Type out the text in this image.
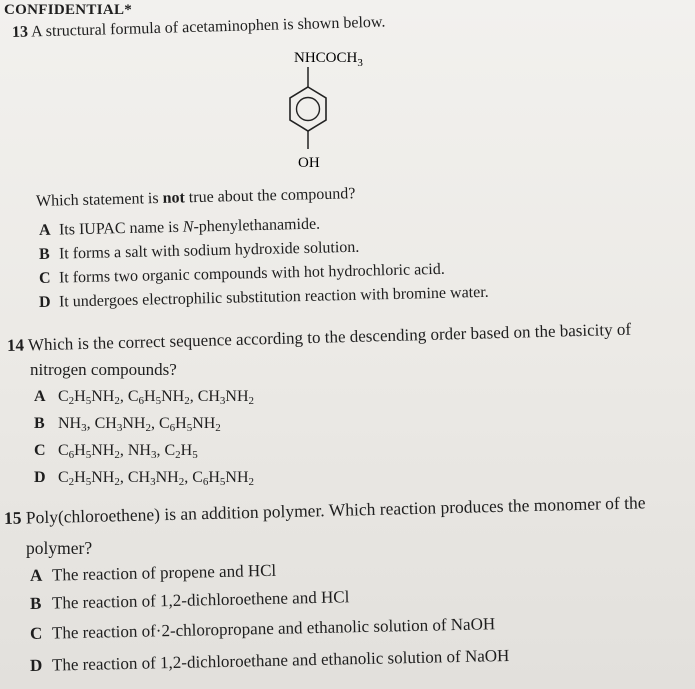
CONFIDENTIAL*
13 A structural formula of acetaminophen is shown below.
$NHCOCH_3$
OH
Which statement is not true about the compound?
A Its IUPAC name is N-phenylethanamide.
B It forms a salt with sodium hydroxide solution.
C It forms two organic compounds with hot hydrochloric acid.
D It undergoes electrophilic substitution reaction with bromine water.
14 Which is the correct sequence according to the descending order based on the basicity of
nitrogen compounds?
A $C_2H_5NH_2$, $C_6H_5NH_2$, $CH_3NH_2$
B $NH_3$, $CH_3NH_2$, $C_6H_5NH_2$
C $C_6H_5NH_2$, $NH_3$, $C_2H_5$
D $C_2H_5NH_2$, $CH_3NH_2$, $C_6H_5NH_2$
15 Poly(chloroethene) is an addition polymer. Which reaction produces the monomer of the
polymer?
A The reaction of propene and HCl
B The reaction of 1,2-dichloroethene and HCl
C The reaction of·2-chloropropane and ethanolic solution of NaOH
D The reaction of 1,2-dichloroethane and ethanolic solution of NaOH
